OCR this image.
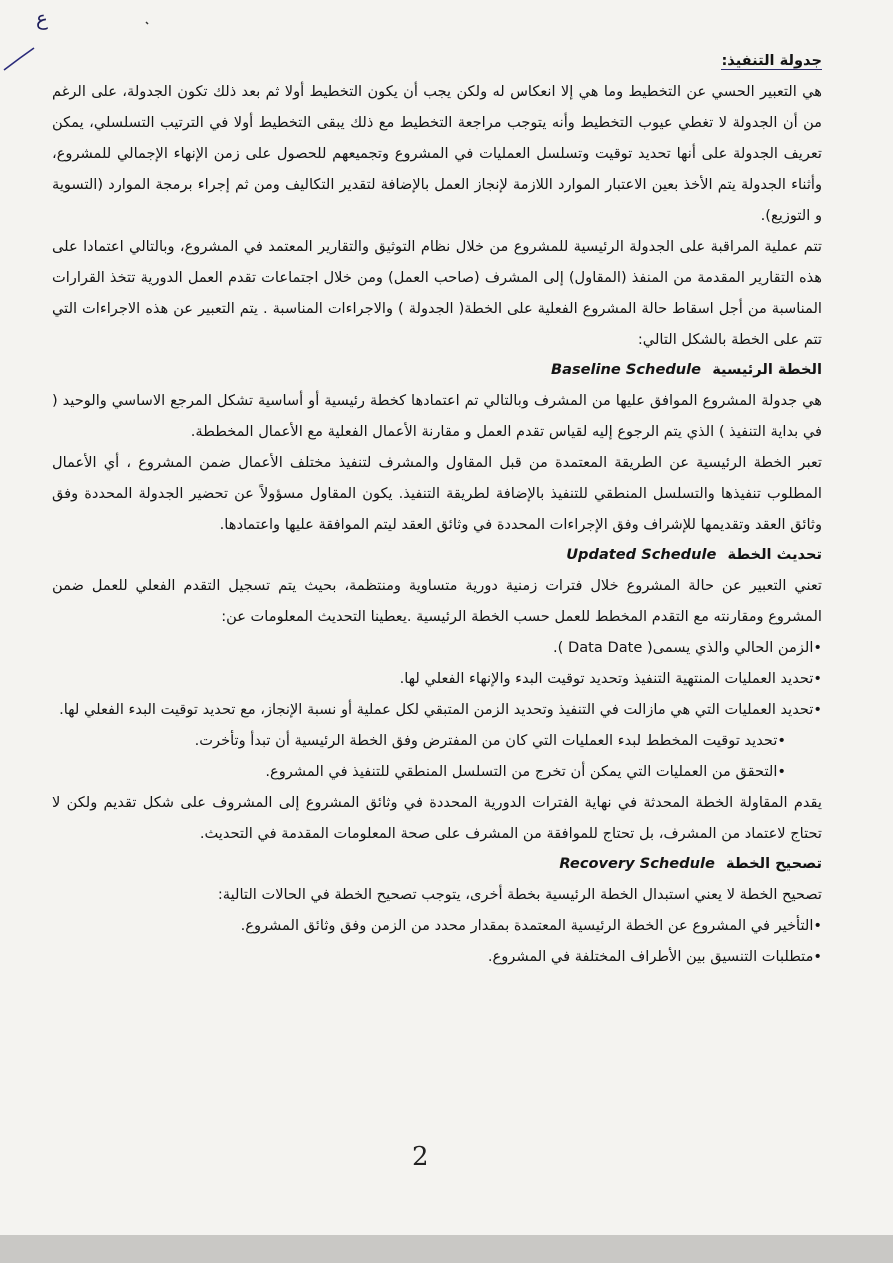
ع

جدولة التنفيذ:

هي التعبير الحسي عن التخطيط وما هي إلا انعكاس له ولكن يجب أن يكون التخطيط أولا ثم بعد ذلك تكون الجدولة، على الرغم من أن الجدولة لا تغطي عيوب التخطيط وأنه يتوجب مراجعة التخطيط مع ذلك يبقى التخطيط أولا في الترتيب التسلسلي، يمكن تعريف الجدولة على أنها تحديد توقيت وتسلسل العمليات في المشروع وتجميعهم للحصول على زمن الإنهاء الإجمالي للمشروع، وأثناء الجدولة يتم الأخذ بعين الاعتبار الموارد اللازمة لإنجاز العمل بالإضافة لتقدير التكاليف ومن ثم إجراء برمجة الموارد (التسوية و التوزيع).

تتم عملية المراقبة على الجدولة الرئيسية للمشروع من خلال نظام التوثيق والتقارير المعتمد في المشروع، وبالتالي اعتمادا على هذه التقارير المقدمة من المنفذ (المقاول) إلى المشرف (صاحب العمل) ومن خلال اجتماعات تقدم العمل الدورية تتخذ القرارات المناسبة من أجل اسقاط حالة المشروع الفعلية على الخطة( الجدولة ) والاجراءات المناسبة . يتم التعبير عن هذه الاجراءات التي تتم على الخطة بالشكل التالي:

الخطة الرئيسية Baseline Schedule

هي جدولة المشروع الموافق عليها من المشرف وبالتالي تم اعتمادها كخطة رئيسية أو أساسية تشكل المرجع الاساسي والوحيد ( في بداية التنفيذ ) الذي يتم الرجوع إليه لقياس تقدم العمل و مقارنة الأعمال الفعلية مع الأعمال المخططة.

تعبر الخطة الرئيسية عن الطريقة المعتمدة من قبل المقاول والمشرف لتنفيذ مختلف الأعمال ضمن المشروع ، أي الأعمال المطلوب تنفيذها والتسلسل المنطقي للتنفيذ بالإضافة لطريقة التنفيذ. يكون المقاول مسؤولاً عن تحضير الجدولة المحددة وفق وثائق العقد وتقديمها للإشراف وفق الإجراءات المحددة في وثائق العقد ليتم الموافقة عليها واعتمادها.

تحديث الخطة Updated Schedule

تعني التعبير عن حالة المشروع خلال فترات زمنية دورية متساوية ومنتظمة، بحيث يتم تسجيل التقدم الفعلي للعمل ضمن المشروع ومقارنته مع التقدم المخطط للعمل حسب الخطة الرئيسية .يعطينا التحديث المعلومات عن:

•الزمن الحالي والذي يسمى( Data Date ).

•تحديد العمليات المنتهية التنفيذ وتحديد توقيت البدء والإنهاء الفعلي لها.

•تحديد العمليات التي هي مازالت في التنفيذ وتحديد الزمن المتبقي لكل عملية أو نسبة الإنجاز، مع تحديد توقيت البدء الفعلي لها.

•تحديد توقيت المخطط لبدء العمليات التي كان من المفترض وفق الخطة الرئيسية أن تبدأ وتأخرت.

•التحقق من العمليات التي يمكن أن تخرج من التسلسل المنطقي للتنفيذ في المشروع.

يقدم المقاولة الخطة المحدثة في نهاية الفترات الدورية المحددة في وثائق المشروع إلى المشروف على شكل تقديم ولكن لا تحتاج لاعتماد من المشرف، بل تحتاج للموافقة من المشرف على صحة المعلومات المقدمة في التحديث.

تصحيح الخطة Recovery Schedule

تصحيح الخطة لا يعني استبدال الخطة الرئيسية بخطة أخرى، يتوجب تصحيح الخطة في الحالات التالية:

•التأخير في المشروع عن الخطة الرئيسية المعتمدة بمقدار محدد من الزمن وفق وثائق المشروع.

•متطلبات التنسيق بين الأطراف المختلفة في المشروع.

2
